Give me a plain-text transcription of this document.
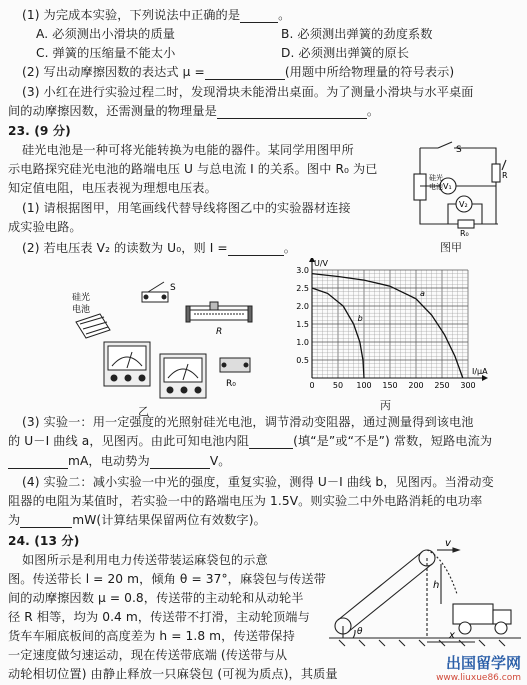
(1) 为完成本实验，下列说法中正确的是	。
A. 必须测出小滑块的质量	B. 必须测出弹簧的劲度系数
C. 弹簧的压缩量不能太小	D. 必须测出弹簧的原长
(2) 写出动摩擦因数的表达式 μ =	(用题中所给物理量的符号表示)
(3) 小红在进行实验过程二时，发现滑块未能滑出桌面。为了测量小滑块与水平桌面
间的动摩擦因数，还需测量的物理量是	。
23. (9 分)
硅光电池是一种可将光能转换为电能的器件。某同学用图甲所
示电路探究硅光电池的路端电压 U 与总电流 I 的关系。图中 R₀ 为已
知定值电阻，电压表视为理想电压表。
(1) 请根据图甲，用笔画线代替导线将图乙中的实验器材连接
成实验电路。
(2) 若电压表 V₂ 的读数为 U₀，则 I =	。
S
硅光
电池 V₁
V₂
R₀
R
图甲
硅光
电池
S
R
R₀
乙
0 50 100 150 200 250 300
0.5
1.0
1.5
2.0
2.5
3.0
U/V
I/μA
a
b
丙
(3) 实验一：用一定强度的光照射硅光电池，调节滑动变阻器，通过测量得到该电池
的 U－I 曲线 a，见图丙。由此可知电池内阻	(填“是”或“不是”) 常数，短路电流为
mA，电动势为	V。
(4) 实验二：减小实验一中光的强度，重复实验，测得 U－I 曲线 b，见图丙。当滑动变
阻器的电阻为某值时，若实验一中的路端电压为 1.5V。则实验二中外电路消耗的电功率
为	mW(计算结果保留两位有效数字)。
24. (13 分)
如图所示是利用电力传送带装运麻袋包的示意
图。传送带长 l = 20 m，倾角 θ = 37°，麻袋包与传送带
间的动摩擦因数 μ = 0.8，传送带的主动轮和从动轮半
径 R 相等，均为 0.4 m，传送带不打滑，主动轮顶端与
货车车厢底板间的高度差为 h = 1.8 m，传送带保持
一定速度做匀速运动，现在传送带底端 (传送带与从
动轮相切位置) 由静止释放一只麻袋包 (可视为质点)，其质量
v
h
x
θ
出国留学网
www.liuxue86.com
